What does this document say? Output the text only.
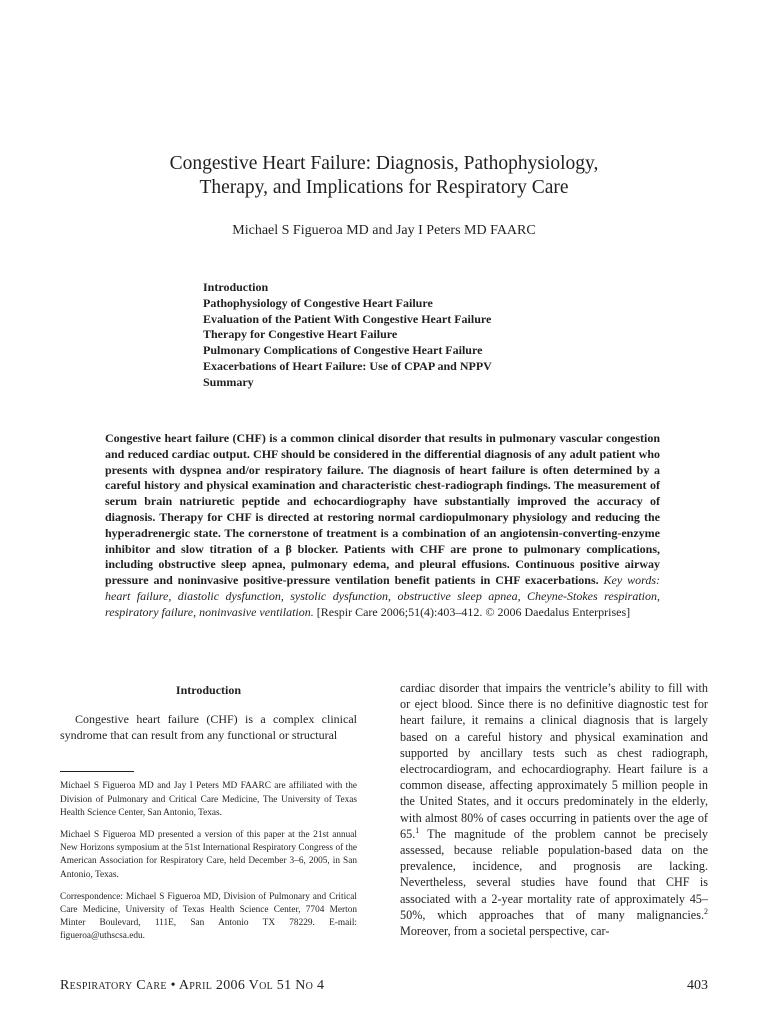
Congestive Heart Failure: Diagnosis, Pathophysiology,
Therapy, and Implications for Respiratory Care
Michael S Figueroa MD and Jay I Peters MD FAARC
Introduction
Pathophysiology of Congestive Heart Failure
Evaluation of the Patient With Congestive Heart Failure
Therapy for Congestive Heart Failure
Pulmonary Complications of Congestive Heart Failure
Exacerbations of Heart Failure: Use of CPAP and NPPV
Summary

Congestive heart failure (CHF) is a common clinical disorder that results in pulmonary vascular congestion and reduced cardiac output. CHF should be considered in the differential diagnosis of any adult patient who presents with dyspnea and/or respiratory failure. The diagnosis of heart failure is often determined by a careful history and physical examination and characteristic chest-radiograph findings. The measurement of serum brain natriuretic peptide and echocardiography have substantially improved the accuracy of diagnosis. Therapy for CHF is directed at restoring normal cardiopulmonary physiology and reducing the hyperadrenergic state. The cornerstone of treatment is a combination of an angiotensin-converting-enzyme inhibitor and slow titration of a β blocker. Patients with CHF are prone to pulmonary complications, including obstructive sleep apnea, pulmonary edema, and pleural effusions. Continuous positive airway pressure and noninvasive positive-pressure ventilation benefit patients in CHF exacerbations. Key words: heart failure, diastolic dysfunction, systolic dysfunction, obstructive sleep apnea, Cheyne-Stokes respiration, respiratory failure, noninvasive ventilation. [Respir Care 2006;51(4):403–412. © 2006 Daedalus Enterprises]

Introduction

Congestive heart failure (CHF) is a complex clinical syndrome that can result from any functional or structural

Michael S Figueroa MD and Jay I Peters MD FAARC are affiliated with the Division of Pulmonary and Critical Care Medicine, The University of Texas Health Science Center, San Antonio, Texas.

Michael S Figueroa MD presented a version of this paper at the 21st annual New Horizons symposium at the 51st International Respiratory Congress of the American Association for Respiratory Care, held December 3–6, 2005, in San Antonio, Texas.

Correspondence: Michael S Figueroa MD, Division of Pulmonary and Critical Care Medicine, University of Texas Health Science Center, 7704 Merton Minter Boulevard, 111E, San Antonio TX 78229. E-mail: figueroa@uthscsa.edu.

cardiac disorder that impairs the ventricle’s ability to fill with or eject blood. Since there is no definitive diagnostic test for heart failure, it remains a clinical diagnosis that is largely based on a careful history and physical examination and supported by ancillary tests such as chest radiograph, electrocardiogram, and echocardiography. Heart failure is a common disease, affecting approximately 5 million people in the United States, and it occurs predominately in the elderly, with almost 80% of cases occurring in patients over the age of 65.$^1$ The magnitude of the problem cannot be precisely assessed, because reliable population-based data on the prevalence, incidence, and prognosis are lacking. Nevertheless, several studies have found that CHF is associated with a 2-year mortality rate of approximately 45–50%, which approaches that of many malignancies.$^2$ Moreover, from a societal perspective, car-

Respiratory Care • April 2006 Vol 51 No 4	403
